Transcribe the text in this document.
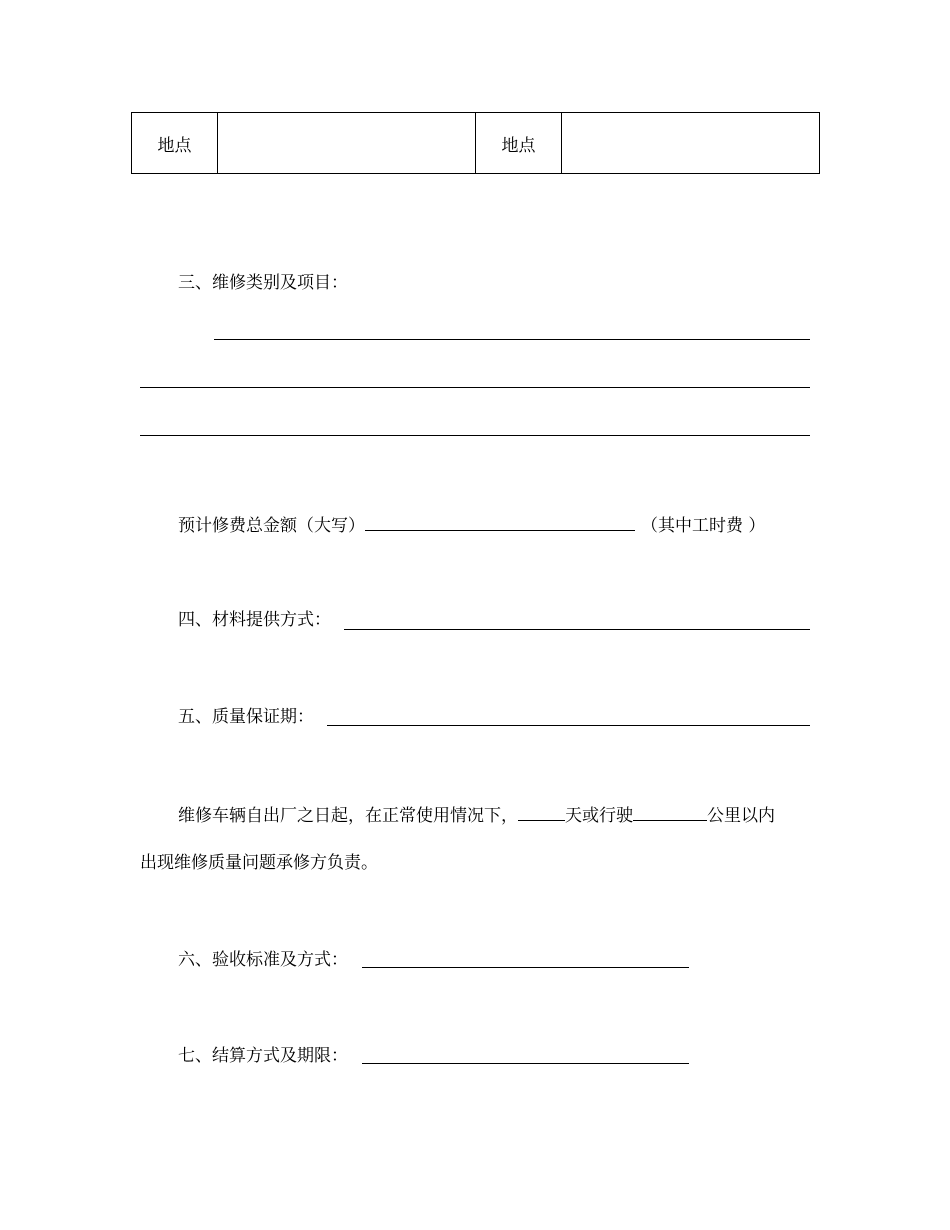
地点		地点	
三、维修类别及项目：
预计修费总金额（大写）	（其中工时费 ）
四、材料提供方式：
五、质量保证期：
维修车辆自出厂之日起，在正常使用情况下，	天或行驶	公里以内
出现维修质量问题承修方负责。
六、验收标准及方式：
七、结算方式及期限：
